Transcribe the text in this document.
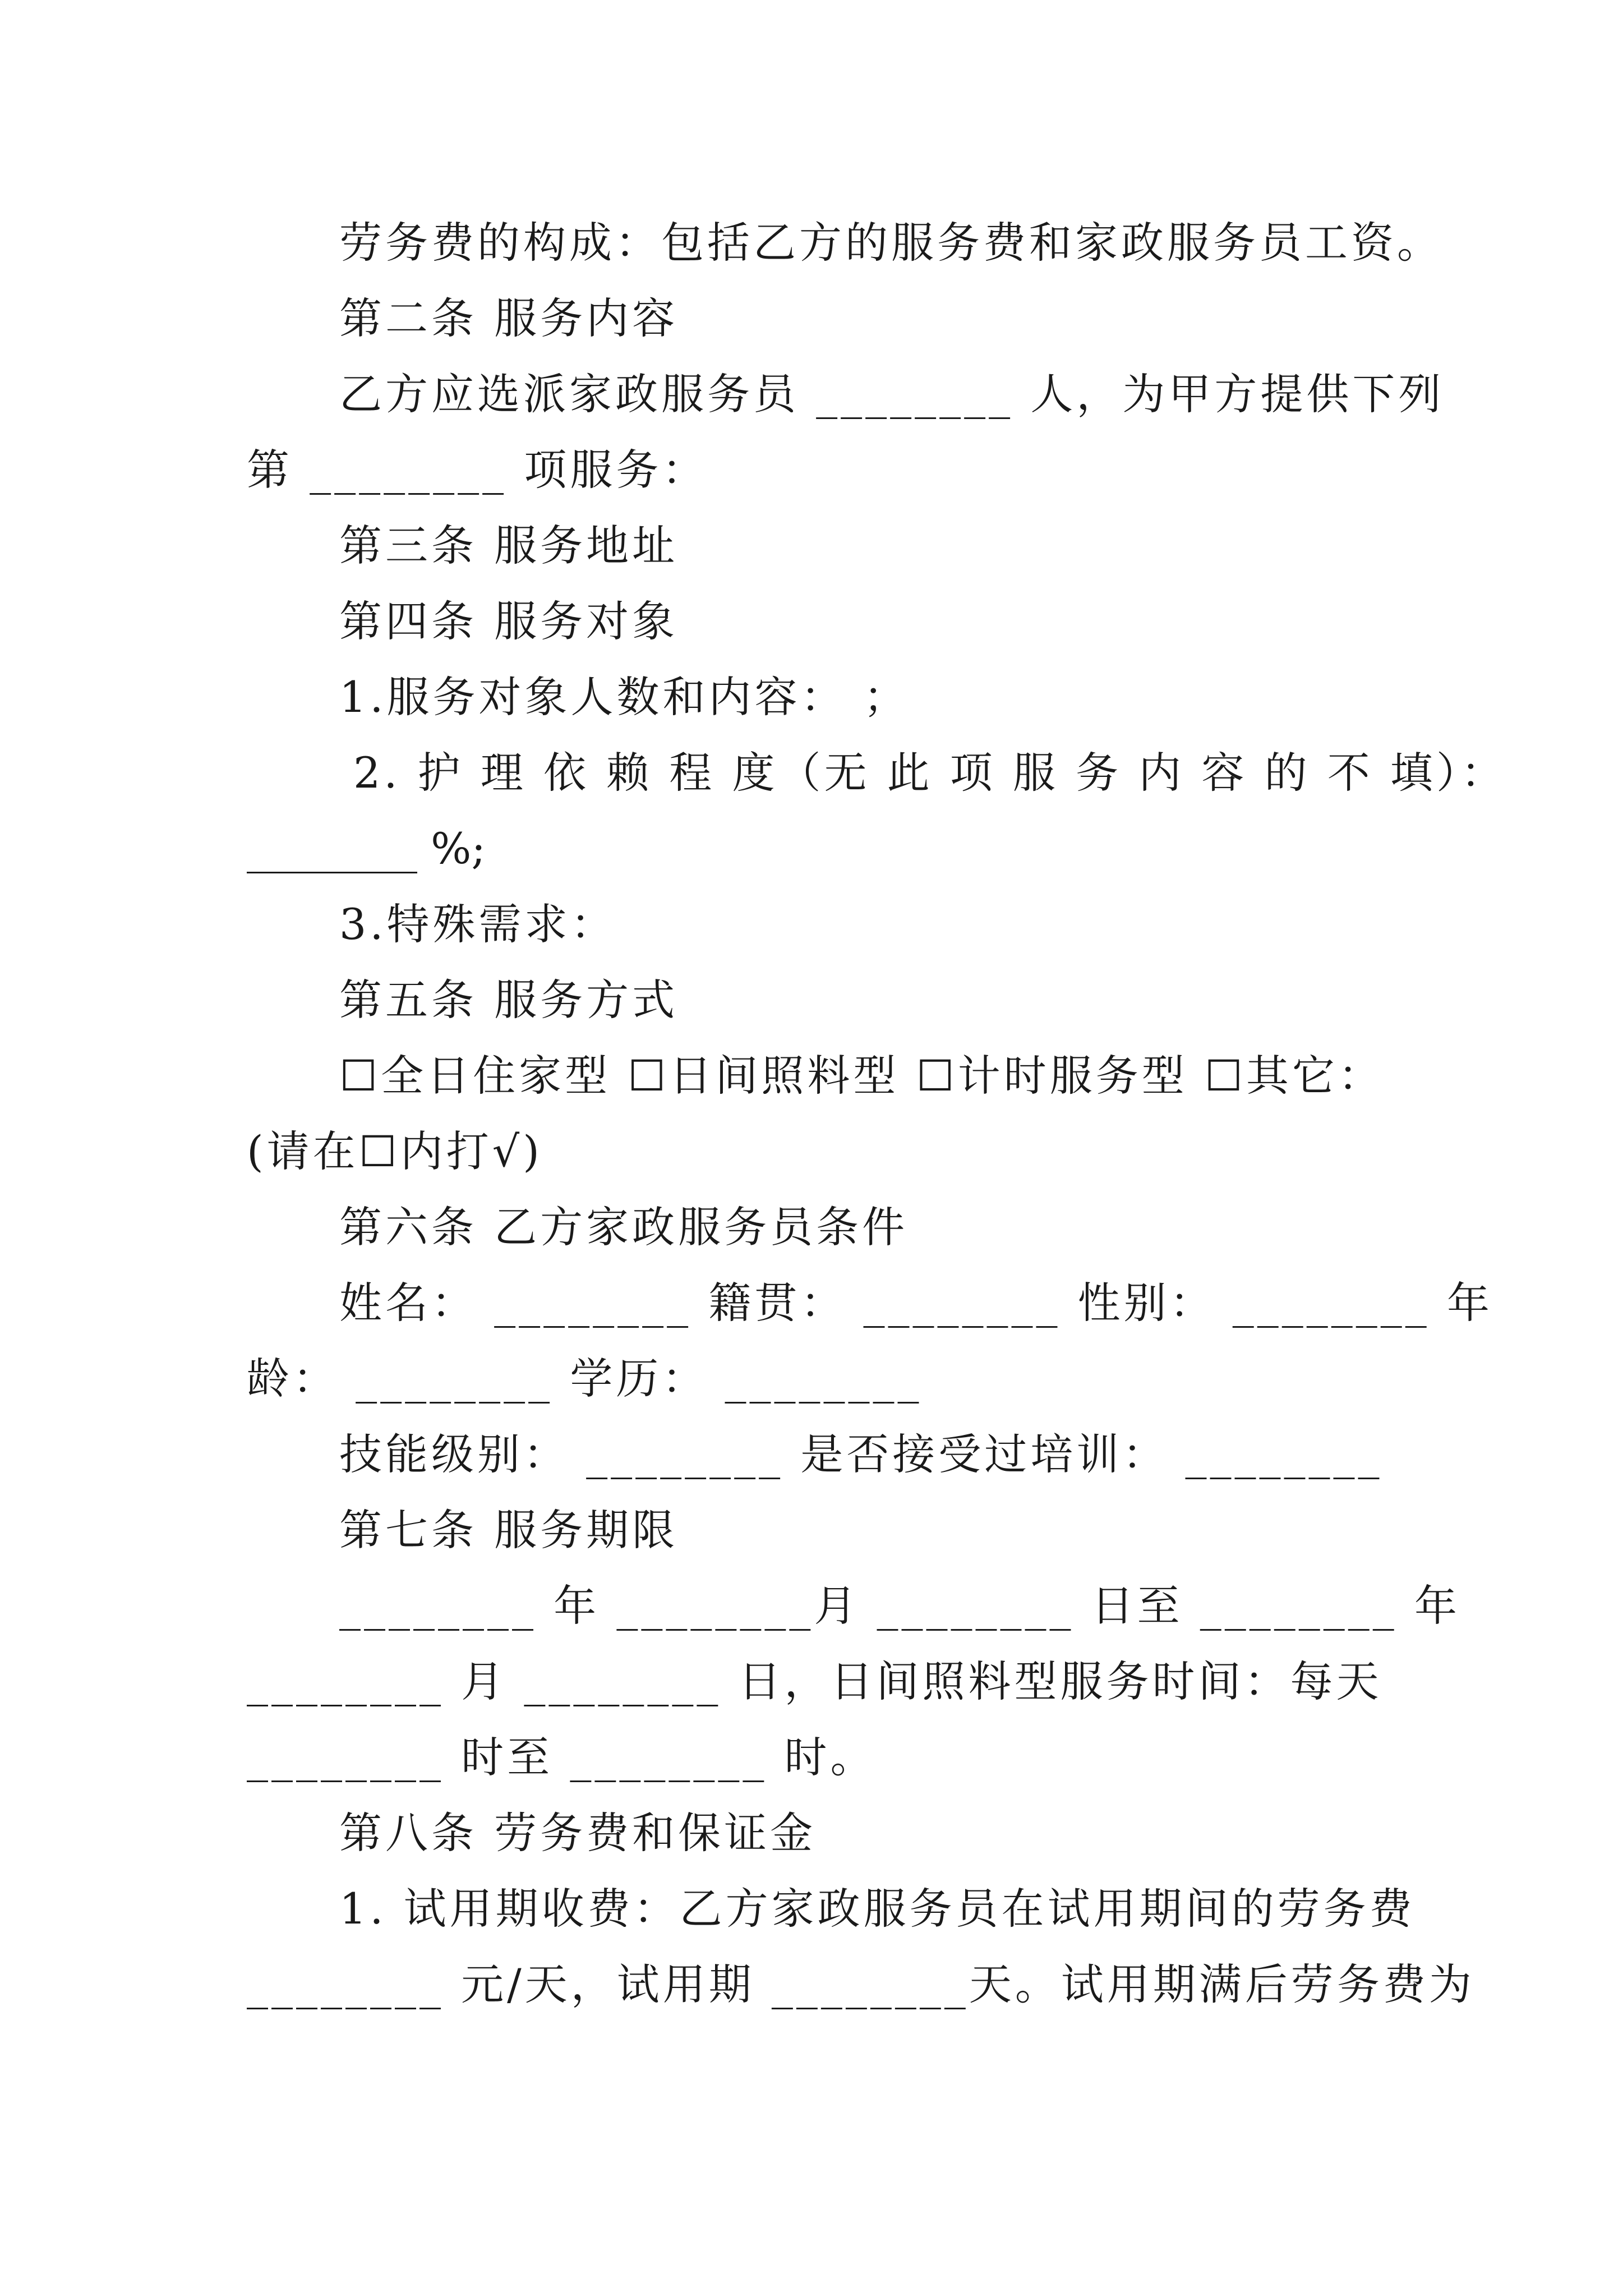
劳务费的构成：包括乙方的服务费和家政服务员工资。
第二条 服务内容
乙方应选派家政服务员 ________ 人，为甲方提供下列
第 ________ 项服务：
第三条 服务地址
第四条 服务对象
1.服务对象人数和内容： ；
2. 护 理 依 赖 程 度（无 此 项 服 务 内 容 的 不 填）：
________ %;
3.特殊需求：
第五条 服务方式
☐全日住家型 ☐日间照料型 ☐计时服务型 ☐其它：
(请在☐内打√)
第六条 乙方家政服务员条件
姓名： ________ 籍贯： ________ 性别： ________ 年
龄： ________ 学历： ________
技能级别： ________ 是否接受过培训： ________
第七条 服务期限
________ 年 ________月 ________ 日至 ________ 年
________ 月 ________ 日，日间照料型服务时间：每天
________ 时至 ________ 时。
第八条 劳务费和保证金
1. 试用期收费：乙方家政服务员在试用期间的劳务费
________ 元/天，试用期 ________天。试用期满后劳务费为
